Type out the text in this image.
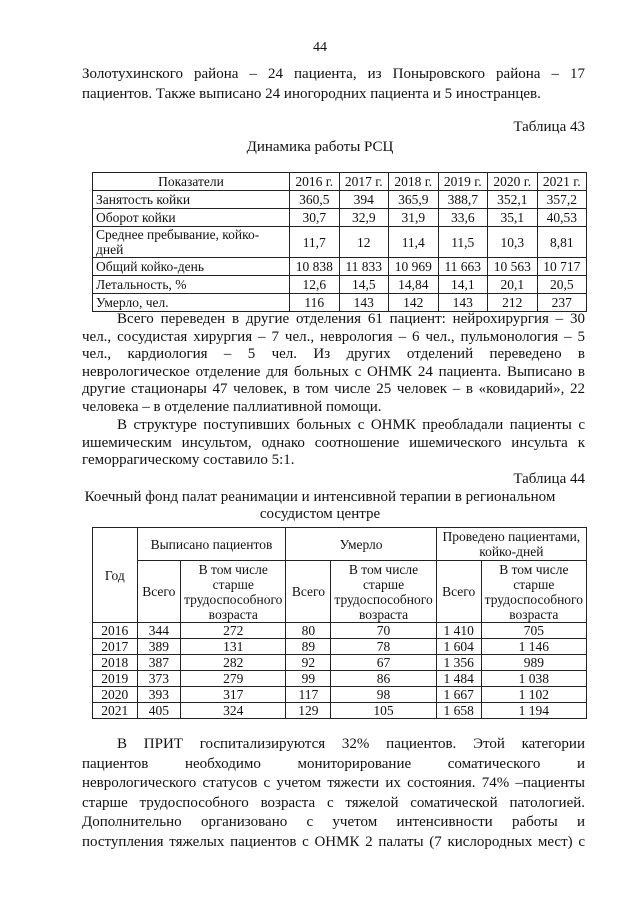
44
Золотухинского района – 24 пациента, из Поныровского района – 17
пациентов. Также выписано 24 иногородних пациента и 5 иностранцев.
Таблица 43
Динамика работы РСЦ
Показатели	2016 г.	2017 г.	2018 г.	2019 г.	2020 г.	2021 г.
Занятость койки	360,5	394	365,9	388,7	352,1	357,2
Оборот койки	30,7	32,9	31,9	33,6	35,1	40,53
Среднее пребывание, койко-дней	11,7	12	11,4	11,5	10,3	8,81
Общий койко-день	10 838	11 833	10 969	11 663	10 563	10 717
Летальность, %	12,6	14,5	14,84	14,1	20,1	20,5
Умерло, чел.	116	143	142	143	212	237
Всего переведен в другие отделения 61 пациент: нейрохирургия – 30
чел., сосудистая хирургия – 7 чел., неврология – 6 чел., пульмонология – 5
чел., кардиология – 5 чел. Из других отделений переведено в
неврологическое отделение для больных с ОНМК 24 пациента. Выписано в
другие стационары 47 человек, в том числе 25 человек – в «ковидарий», 22
человека – в отделение паллиативной помощи.
В структуре поступивших больных с ОНМК преобладали пациенты с
ишемическим инсультом, однако соотношение ишемического инсульта к
геморрагическому составило 5:1.
Таблица 44
Коечный фонд палат реанимации и интенсивной терапии в региональном
сосудистом центре
Год	Выписано пациентов		Умерло		Проведено пациентами, койко-дней	
	Всего	В том числе старше трудоспособного возраста	Всего	В том числе старше трудоспособного возраста	Всего	В том числе старше трудоспособного возраста
2016	344	272	80	70	1 410	705
2017	389	131	89	78	1 604	1 146
2018	387	282	92	67	1 356	989
2019	373	279	99	86	1 484	1 038
2020	393	317	117	98	1 667	1 102
2021	405	324	129	105	1 658	1 194
В ПРИТ госпитализируются 32% пациентов. Этой категории
пациентов необходимо мониторирование соматического и
неврологического статусов с учетом тяжести их состояния. 74% –пациенты
старше трудоспособного возраста с тяжелой соматической патологией.
Дополнительно организовано с учетом интенсивности работы и
поступления тяжелых пациентов с ОНМК 2 палаты (7 кислородных мест) с
